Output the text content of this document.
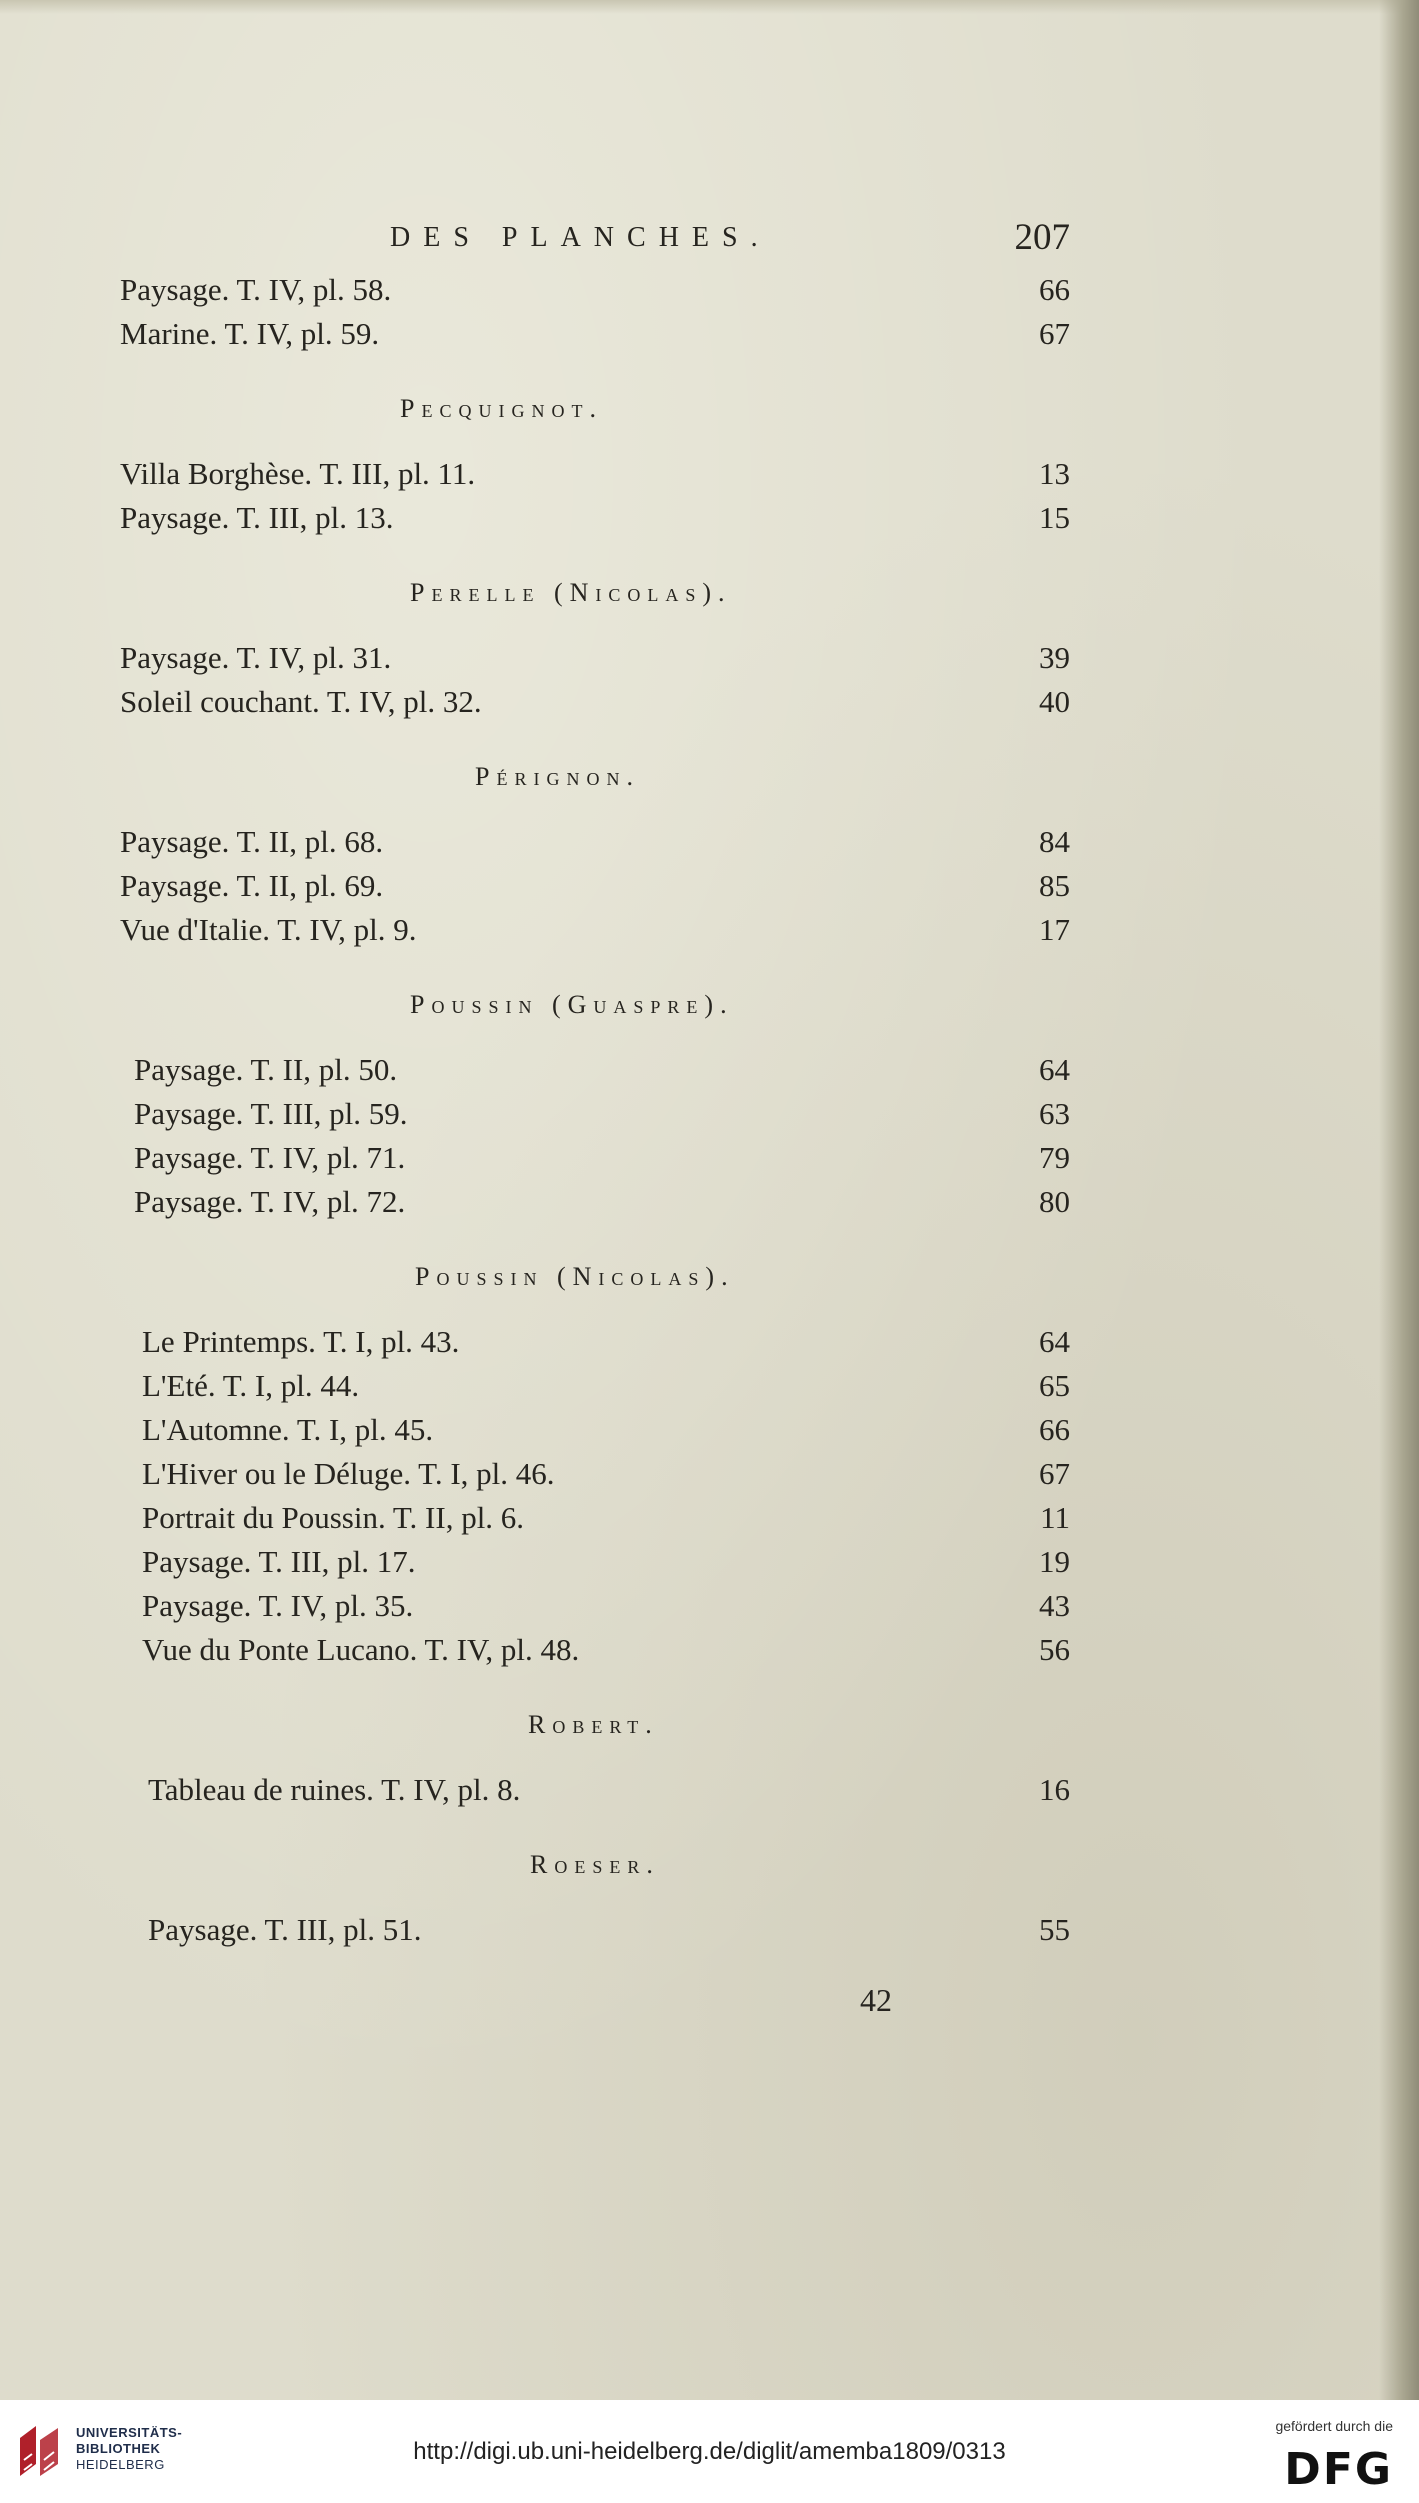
DES PLANCHES.	207
Paysage. T. IV, pl. 58.	66
Marine. T. IV, pl. 59.	67
Pecquignot.
Villa Borghèse. T. III, pl. 11.	13
Paysage. T. III, pl. 13.	15
Perelle (Nicolas).
Paysage. T. IV, pl. 31.	39
Soleil couchant. T. IV, pl. 32.	40
Pérignon.
Paysage. T. II, pl. 68.	84
Paysage. T. II, pl. 69.	85
Vue d'Italie. T. IV, pl. 9.	17
Poussin (Guaspre).
Paysage. T. II, pl. 50.	64
Paysage. T. III, pl. 59.	63
Paysage. T. IV, pl. 71.	79
Paysage. T. IV, pl. 72.	80
Poussin (Nicolas).
Le Printemps. T. I, pl. 43.	64
L'Eté. T. I, pl. 44.	65
L'Automne. T. I, pl. 45.	66
L'Hiver ou le Déluge. T. I, pl. 46.	67
Portrait du Poussin. T. II, pl. 6.	11
Paysage. T. III, pl. 17.	19
Paysage. T. IV, pl. 35.	43
Vue du Ponte Lucano. T. IV, pl. 48.	56
Robert.
Tableau de ruines. T. IV, pl. 8.	16
Roeser.
Paysage. T. III, pl. 51.	55
42
UNIVERSITÄTS-
BIBLIOTHEK
HEIDELBERG	http://digi.ub.uni-heidelberg.de/diglit/amemba1809/0313
gefördert durch die
DFG
